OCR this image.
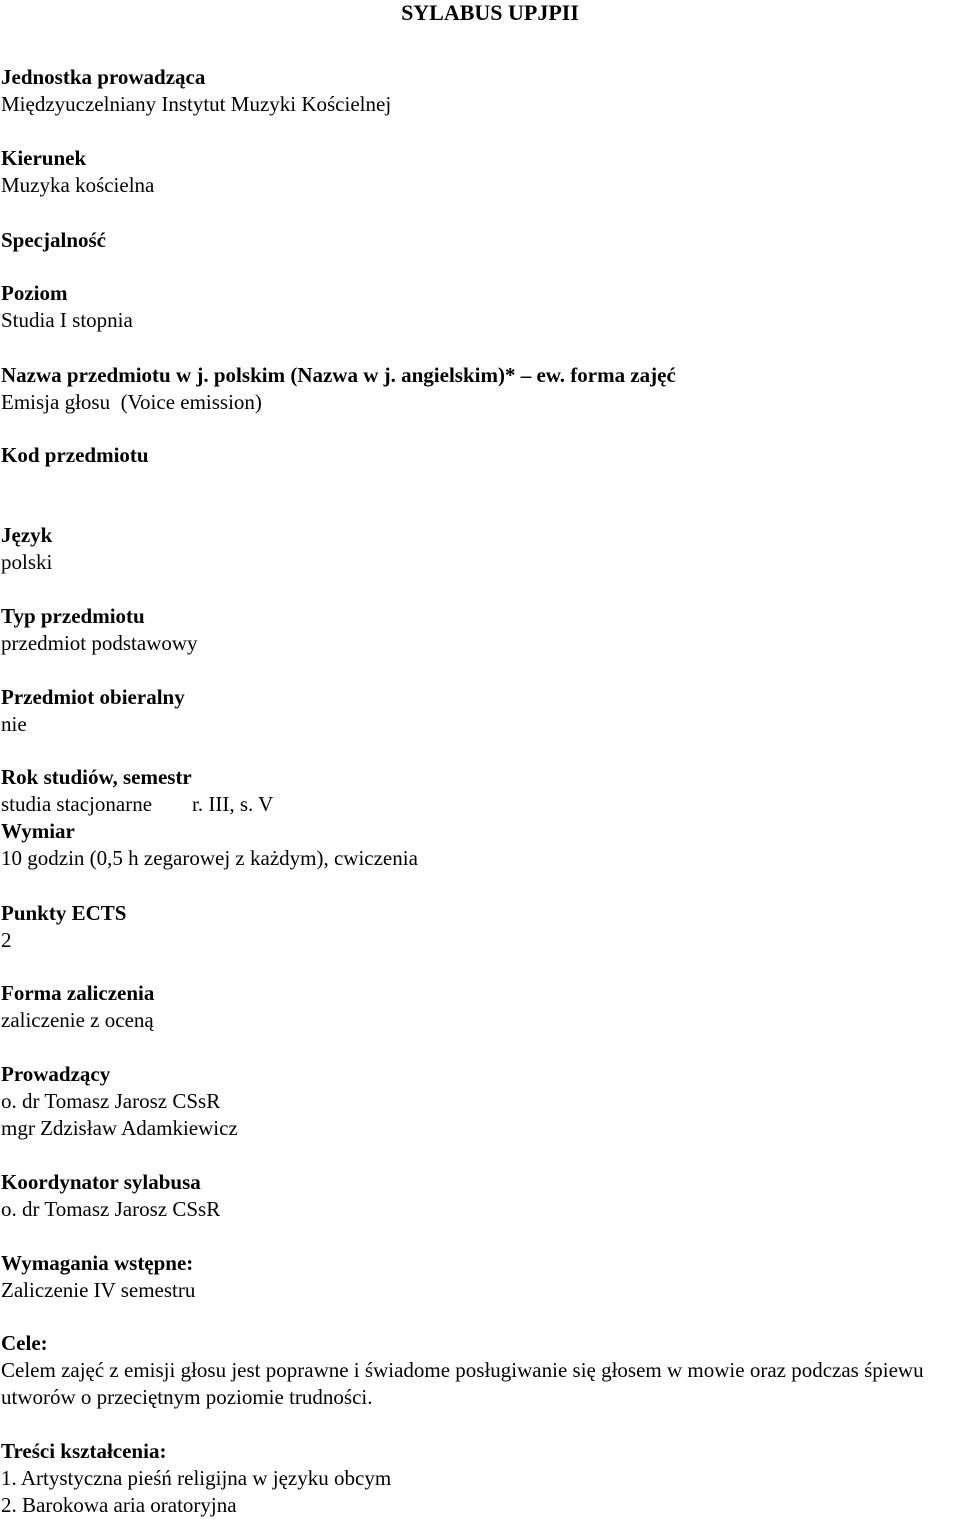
SYLABUS UPJPII
Jednostka prowadząca
Międzyuczelniany Instytut Muzyki Kościelnej
Kierunek
Muzyka kościelna
Specjalność
Poziom
Studia I stopnia
Nazwa przedmiotu w j. polskim (Nazwa w j. angielskim)* – ew. forma zajęć
Emisja głosu  (Voice emission)
Kod przedmiotu
Język
polski
Typ przedmiotu
przedmiot podstawowy
Przedmiot obieralny
nie
Rok studiów, semestr
studia stacjonarne r. III, s. V
Wymiar
10 godzin (0,5 h zegarowej z każdym), cwiczenia
Punkty ECTS
2
Forma zaliczenia
zaliczenie z oceną
Prowadzący
o. dr Tomasz Jarosz CSsR
mgr Zdzisław Adamkiewicz
Koordynator sylabusa
o. dr Tomasz Jarosz CSsR
Wymagania wstępne:
Zaliczenie IV semestru
Cele:
Celem zajęć z emisji głosu jest poprawne i świadome posługiwanie się głosem w mowie oraz podczas śpiewu utworów o przeciętnym poziomie trudności.
Treści kształcenia:
1. Artystyczna pieśń religijna w języku obcym
2. Barokowa aria oratoryjna
